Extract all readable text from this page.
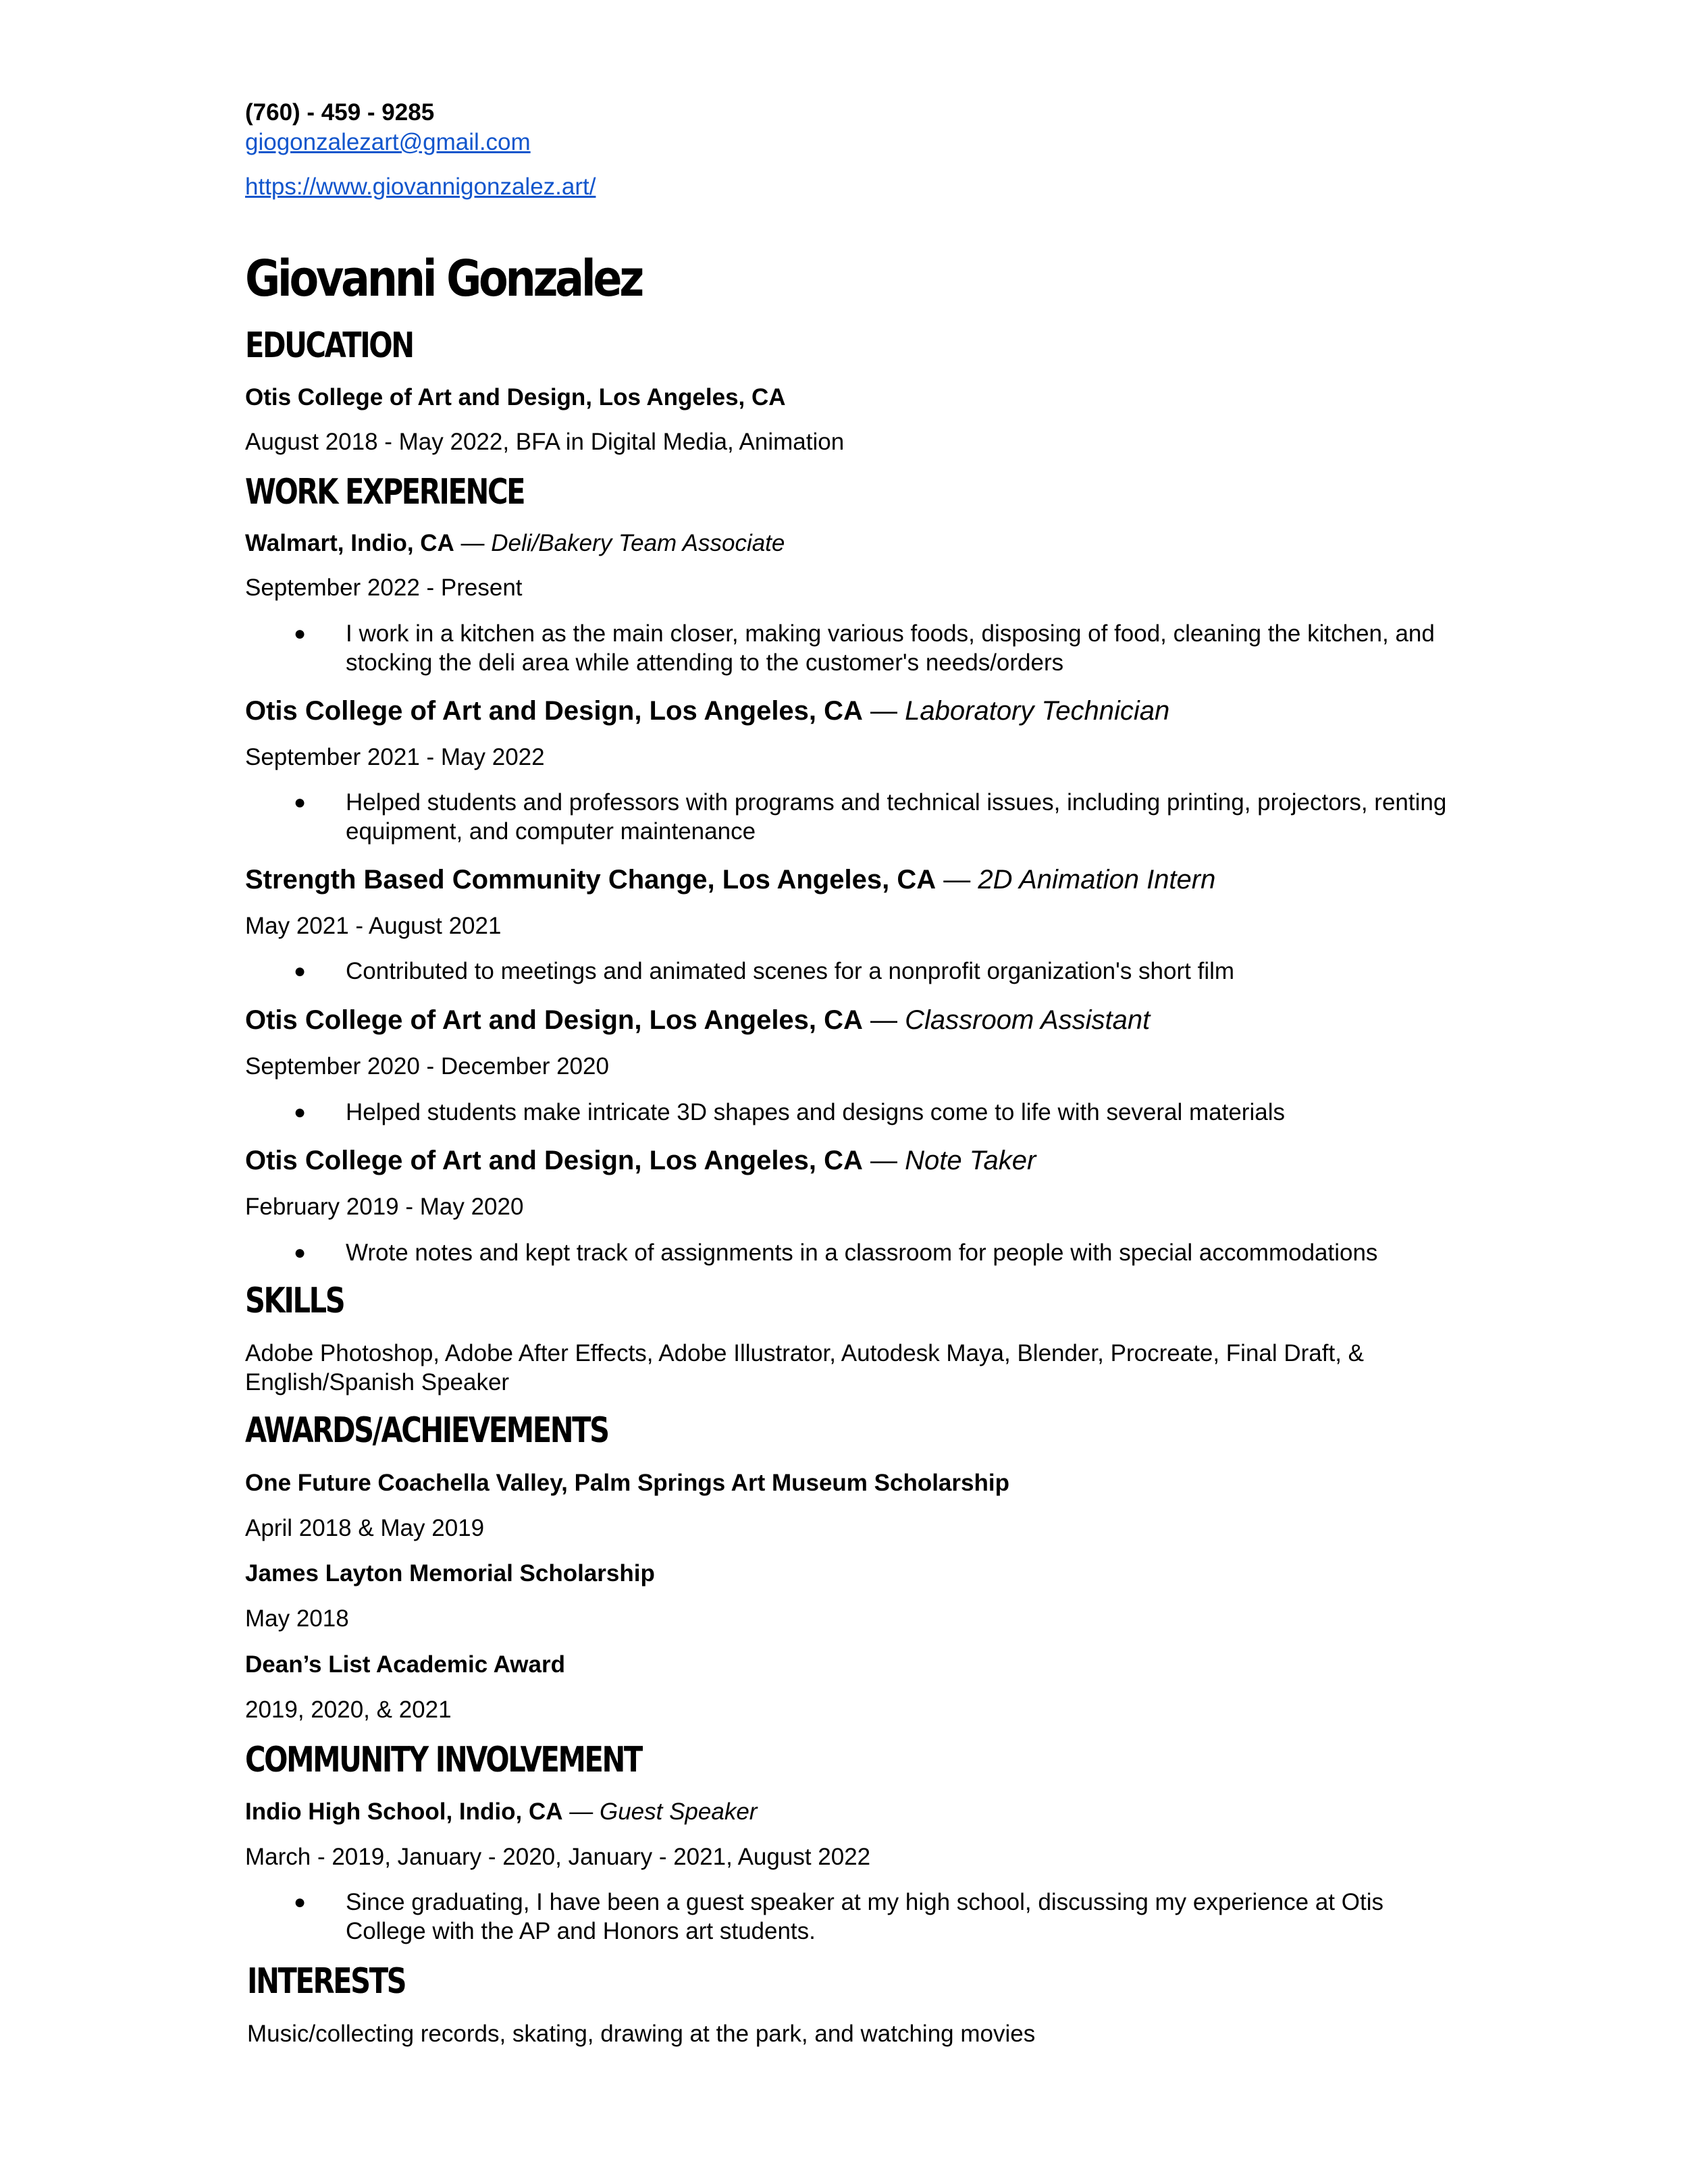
(760) - 459 - 9285
giogonzalezart@gmail.com
https://www.giovannigonzalez.art/
Giovanni Gonzalez
EDUCATION
Otis College of Art and Design, Los Angeles, CA
August 2018 - May 2022, BFA in Digital Media, Animation
WORK EXPERIENCE
Walmart, Indio, CA — Deli/Bakery Team Associate
September 2022 - Present
● I work in a kitchen as the main closer, making various foods, disposing of food, cleaning the kitchen, and stocking the deli area while attending to the customer's needs/orders
Otis College of Art and Design, Los Angeles, CA — Laboratory Technician
September 2021 - May 2022
● Helped students and professors with programs and technical issues, including printing, projectors, renting equipment, and computer maintenance
Strength Based Community Change, Los Angeles, CA — 2D Animation Intern
May 2021 - August 2021
● Contributed to meetings and animated scenes for a nonprofit organization's short film
Otis College of Art and Design, Los Angeles, CA — Classroom Assistant
September 2020 - December 2020
● Helped students make intricate 3D shapes and designs come to life with several materials
Otis College of Art and Design, Los Angeles, CA — Note Taker
February 2019 - May 2020
● Wrote notes and kept track of assignments in a classroom for people with special accommodations
SKILLS
Adobe Photoshop, Adobe After Effects, Adobe Illustrator, Autodesk Maya, Blender, Procreate, Final Draft, & English/Spanish Speaker
AWARDS/ACHIEVEMENTS
One Future Coachella Valley, Palm Springs Art Museum Scholarship
April 2018 & May 2019
James Layton Memorial Scholarship
May 2018
Dean’s List Academic Award
2019, 2020, & 2021
COMMUNITY INVOLVEMENT
Indio High School, Indio, CA — Guest Speaker
March - 2019, January - 2020, January - 2021, August 2022
● Since graduating, I have been a guest speaker at my high school, discussing my experience at Otis College with the AP and Honors art students.
INTERESTS
Music/collecting records, skating, drawing at the park, and watching movies
